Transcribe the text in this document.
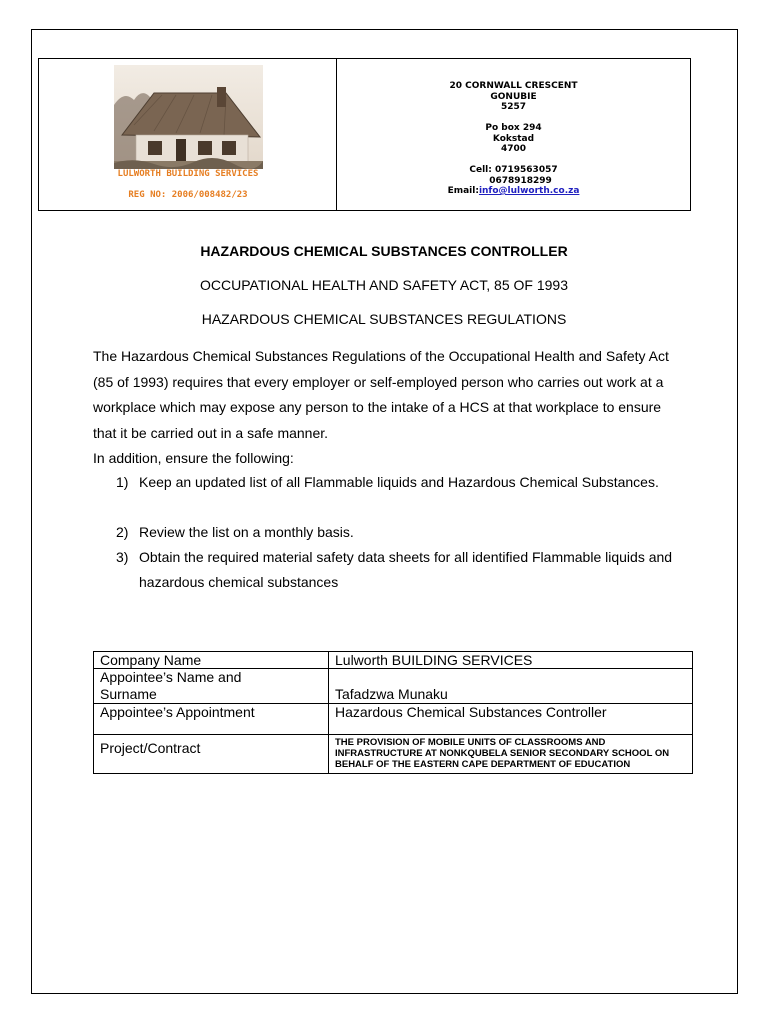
LULWORTH BUILDING SERVICES
REG NO: 2006/008482/23
20 CORNWALL CRESCENT
GONUBIE
5257
Po box 294
Kokstad
4700
Cell: 0719563057
0678918299
Email:info@lulworth.co.za
HAZARDOUS CHEMICAL SUBSTANCES CONTROLLER
OCCUPATIONAL HEALTH AND SAFETY ACT, 85 OF 1993
HAZARDOUS CHEMICAL SUBSTANCES REGULATIONS

The Hazardous Chemical Substances Regulations of the Occupational Health and Safety Act (85 of 1993) requires that every employer or self-employed person who carries out work at a workplace which may expose any person to the intake of a HCS at that workplace to ensure that it be carried out in a safe manner.

In addition, ensure the following:

1) Keep an updated list of all Flammable liquids and Hazardous Chemical Substances.
2) Review the list on a monthly basis.
3) Obtain the required material safety data sheets for all identified Flammable liquids and hazardous chemical substances
Company Name	Lulworth BUILDING SERVICES

Appointee’s Name and
Surname	Tafadzwa Munaku
Appointee’s Appointment	Hazardous Chemical Substances Controller
Project/Contract	THE PROVISION OF MOBILE UNITS OF CLASSROOMS AND INFRASTRUCTURE AT NONKQUBELA SENIOR SECONDARY SCHOOL ON BEHALF OF THE EASTERN CAPE DEPARTMENT OF EDUCATION
